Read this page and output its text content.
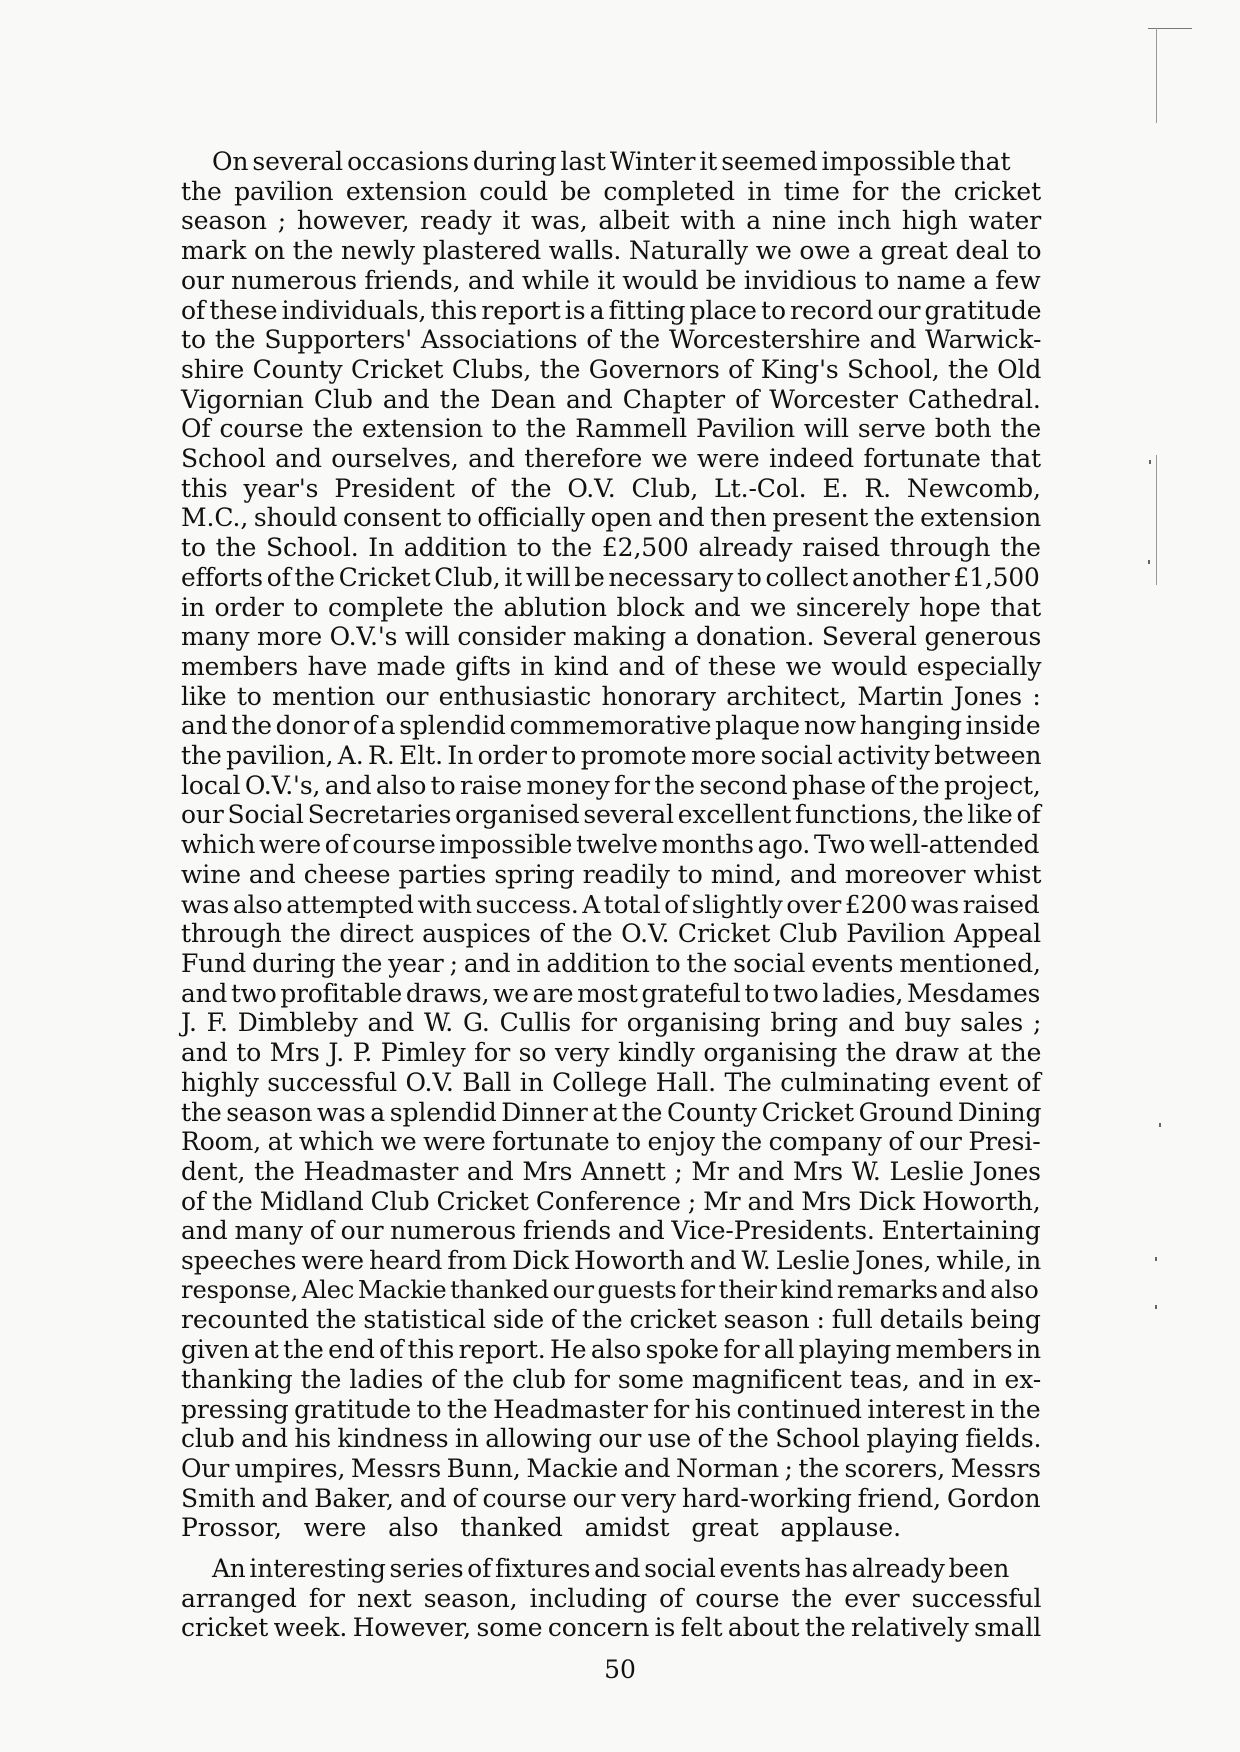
On several occasions during last Winter it seemed impossible that
the pavilion extension could be completed in time for the cricket
season ; however, ready it was, albeit with a nine inch high water
mark on the newly plastered walls. Naturally we owe a great deal to
our numerous friends, and while it would be invidious to name a few
of these individuals, this report is a fitting place to record our gratitude
to the Supporters' Associations of the Worcestershire and Warwick-
shire County Cricket Clubs, the Governors of King's School, the Old
Vigornian Club and the Dean and Chapter of Worcester Cathedral.
Of course the extension to the Rammell Pavilion will serve both the
School and ourselves, and therefore we were indeed fortunate that
this year's President of the O.V. Club, Lt.-Col. E. R. Newcomb,
M.C., should consent to officially open and then present the extension
to the School. In addition to the £2,500 already raised through the
efforts of the Cricket Club, it will be necessary to collect another £1,500
in order to complete the ablution block and we sincerely hope that
many more O.V.'s will consider making a donation. Several generous
members have made gifts in kind and of these we would especially
like to mention our enthusiastic honorary architect, Martin Jones :
and the donor of a splendid commemorative plaque now hanging inside
the pavilion, A. R. Elt. In order to promote more social activity between
local O.V.'s, and also to raise money for the second phase of the project,
our Social Secretaries organised several excellent functions, the like of
which were of course impossible twelve months ago. Two well-attended
wine and cheese parties spring readily to mind, and moreover whist
was also attempted with success. A total of slightly over £200 was raised
through the direct auspices of the O.V. Cricket Club Pavilion Appeal
Fund during the year ; and in addition to the social events mentioned,
and two profitable draws, we are most grateful to two ladies, Mesdames
J. F. Dimbleby and W. G. Cullis for organising bring and buy sales ;
and to Mrs J. P. Pimley for so very kindly organising the draw at the
highly successful O.V. Ball in College Hall. The culminating event of
the season was a splendid Dinner at the County Cricket Ground Dining
Room, at which we were fortunate to enjoy the company of our Presi-
dent, the Headmaster and Mrs Annett ; Mr and Mrs W. Leslie Jones
of the Midland Club Cricket Conference ; Mr and Mrs Dick Howorth,
and many of our numerous friends and Vice-Presidents. Entertaining
speeches were heard from Dick Howorth and W. Leslie Jones, while, in
response, Alec Mackie thanked our guests for their kind remarks and also
recounted the statistical side of the cricket season : full details being
given at the end of this report. He also spoke for all playing members in
thanking the ladies of the club for some magnificent teas, and in ex-
pressing gratitude to the Headmaster for his continued interest in the
club and his kindness in allowing our use of the School playing fields.
Our umpires, Messrs Bunn, Mackie and Norman ; the scorers, Messrs
Smith and Baker, and of course our very hard-working friend, Gordon
Prossor, were also thanked amidst great applause.
An interesting series of fixtures and social events has already been
arranged for next season, including of course the ever successful
cricket week. However, some concern is felt about the relatively small
50
